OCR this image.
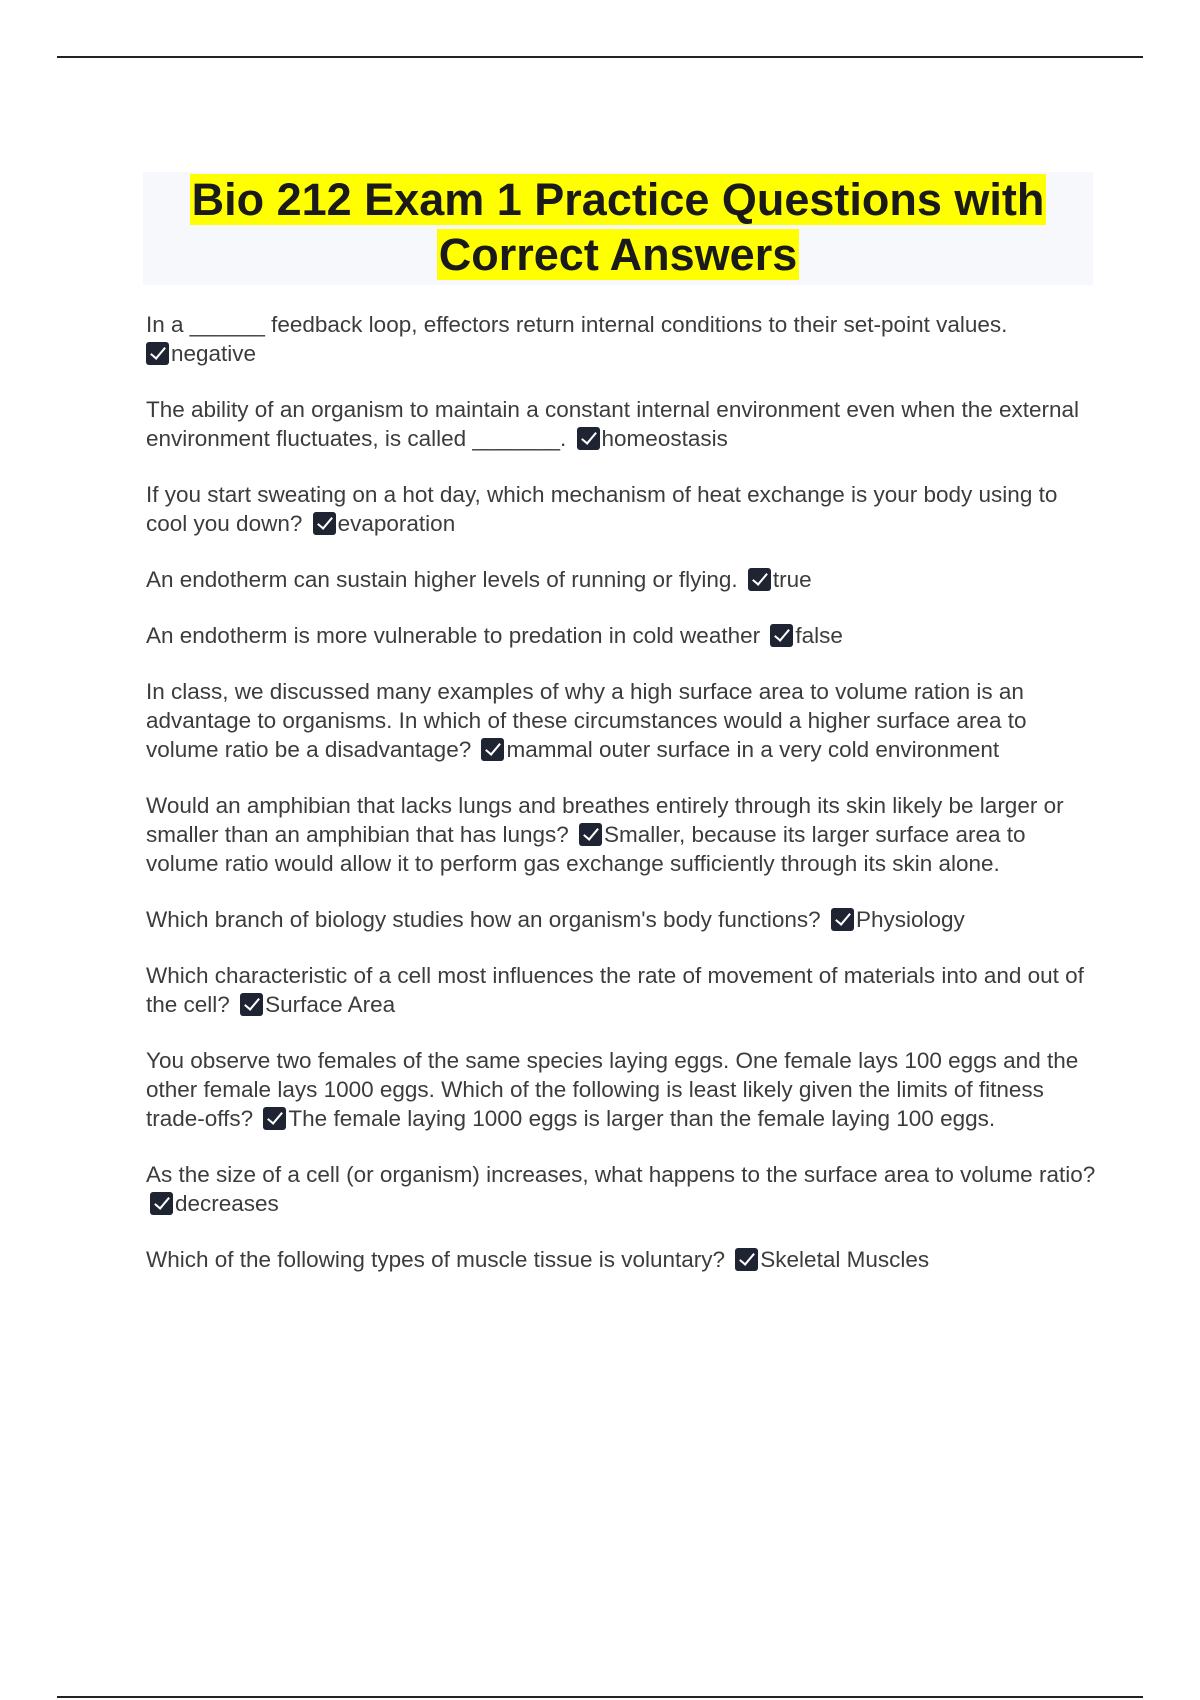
Bio 212 Exam 1 Practice Questions with
Correct Answers
In a ______ feedback loop, effectors return internal conditions to their set-point values.
negative
The ability of an organism to maintain a constant internal environment even when the external environment fluctuates, is called _______. homeostasis
If you start sweating on a hot day, which mechanism of heat exchange is your body using to cool you down? evaporation
An endotherm can sustain higher levels of running or flying. true
An endotherm is more vulnerable to predation in cold weather false
In class, we discussed many examples of why a high surface area to volume ration is an advantage to organisms. In which of these circumstances would a higher surface area to volume ratio be a disadvantage? mammal outer surface in a very cold environment
Would an amphibian that lacks lungs and breathes entirely through its skin likely be larger or smaller than an amphibian that has lungs? Smaller, because its larger surface area to volume ratio would allow it to perform gas exchange sufficiently through its skin alone.
Which branch of biology studies how an organism's body functions? Physiology
Which characteristic of a cell most influences the rate of movement of materials into and out of the cell? Surface Area
You observe two females of the same species laying eggs. One female lays 100 eggs and the other female lays 1000 eggs. Which of the following is least likely given the limits of fitness trade-offs? The female laying 1000 eggs is larger than the female laying 100 eggs.
As the size of a cell (or organism) increases, what happens to the surface area to volume ratio? decreases
Which of the following types of muscle tissue is voluntary? Skeletal Muscles
